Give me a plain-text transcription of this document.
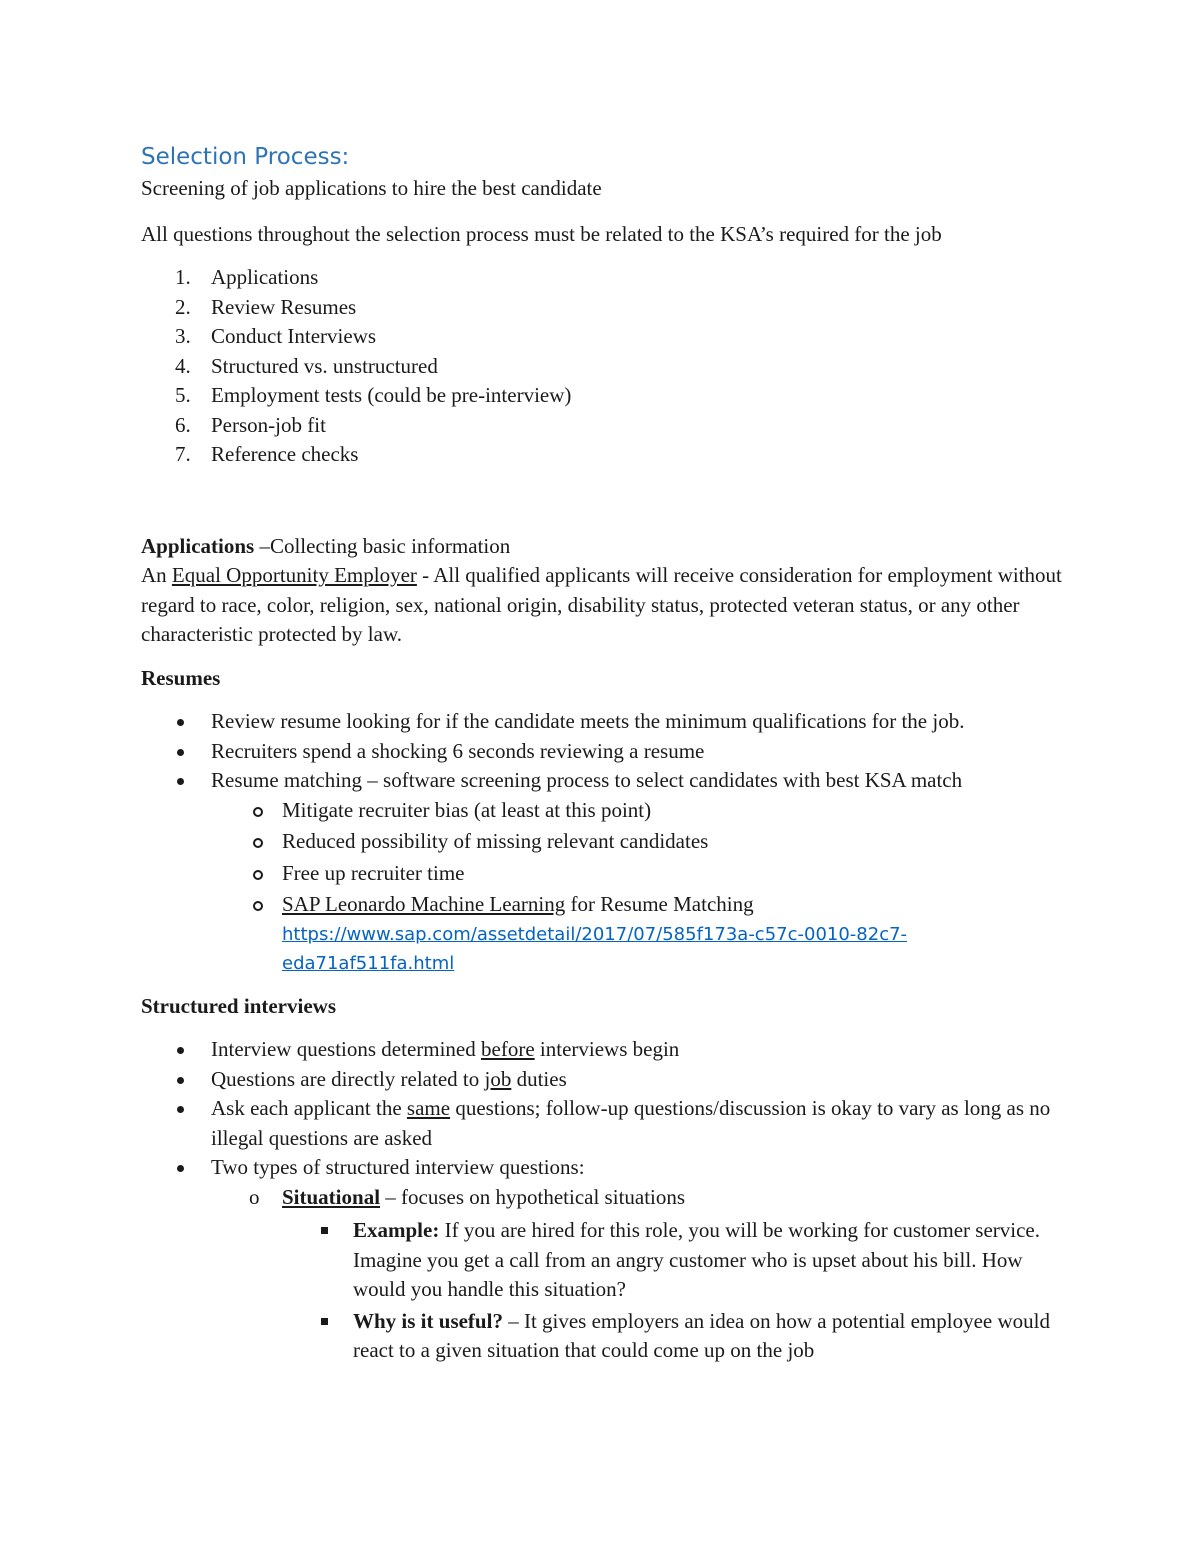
Selection Process:

Screening of job applications to hire the best candidate

All questions throughout the selection process must be related to the KSA’s required for the job

1. Applications
2. Review Resumes
3. Conduct Interviews
4. Structured vs. unstructured
5. Employment tests (could be pre-interview)
6. Person-job fit
7. Reference checks

Applications –Collecting basic information

An Equal Opportunity Employer - All qualified applicants will receive consideration for employment without regard to race, color, religion, sex, national origin, disability status, protected veteran status, or any other characteristic protected by law.

Resumes

Review resume looking for if the candidate meets the minimum qualifications for the job.
Recruiters spend a shocking 6 seconds reviewing a resume
Resume matching – software screening process to select candidates with best KSA match
Mitigate recruiter bias (at least at this point)
Reduced possibility of missing relevant candidates
Free up recruiter time
SAP Leonardo Machine Learning for Resume Matching
https://www.sap.com/assetdetail/2017/07/585f173a-c57c-0010-82c7-
eda71af511fa.html

Structured interviews

Interview questions determined before interviews begin
Questions are directly related to job duties
Ask each applicant the same questions; follow-up questions/discussion is okay to vary as long as no illegal questions are asked
Two types of structured interview questions:
o Situational – focuses on hypothetical situations
Example: If you are hired for this role, you will be working for customer service. Imagine you get a call from an angry customer who is upset about his bill. How would you handle this situation?
Why is it useful? – It gives employers an idea on how a potential employee would react to a given situation that could come up on the job
